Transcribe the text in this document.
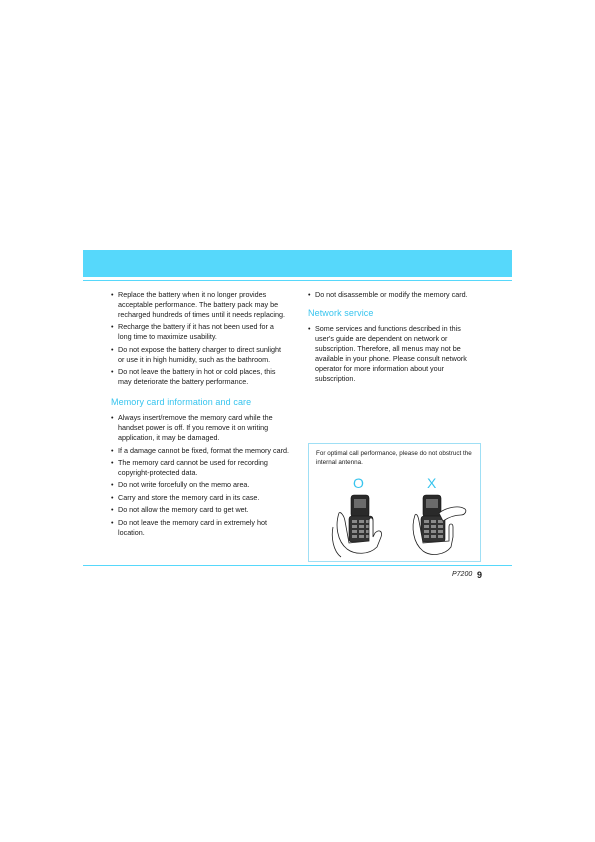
• Replace the battery when it no longer provides acceptable performance. The battery pack may be recharged hundreds of times until it needs replacing.
• Recharge the battery if it has not been used for a long time to maximize usability.
• Do not expose the battery charger to direct sunlight or use it in high humidity, such as the bathroom.
• Do not leave the battery in hot or cold places, this may deteriorate the battery performance.
Memory card information and care
• Always insert/remove the memory card while the handset power is off. If you remove it on writing application, it may be damaged.
• If a damage cannot be fixed, format the memory card.
• The memory card cannot be used for recording copyright-protected data.
• Do not write forcefully on the memo area.
• Carry and store the memory card in its case.
• Do not allow the memory card to get wet.
• Do not leave the memory card in extremely hot location.
• Do not disassemble or modify the memory card.
Network service
• Some services and functions described in this user's guide are dependent on network or subscription. Therefore, all menus may not be available in your phone. Please consult network operator for more information about your subscription.
For optimal call performance, please do not obstruct the internal antenna.
O	X
P7200 9
